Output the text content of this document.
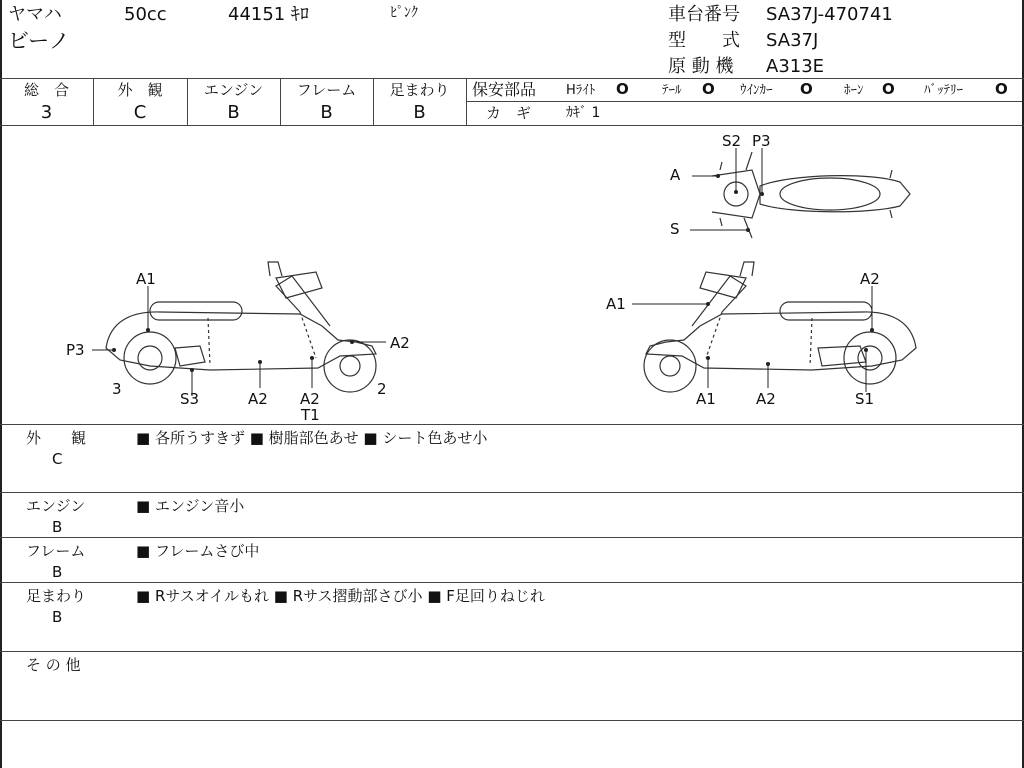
ヤマハ	50cc	44151 ｷﾛ	ﾋﾟﾝｸ
ビーノ
車台番号 SA37J-470741
型　　式 SA37J
原 動 機 A313E
総　合
3
外　観
C
エンジン
B
フレーム
B
足まわり
B
保安部品 Hﾗｲﾄ O	ﾃｰﾙ O ｳｲﾝｶｰ O ﾎｰﾝ O ﾊﾞｯﾃﾘｰ O
カ　ギ ｶｷﾞ 1
A1
P3
3
S3	A2 A2
T1
A2
2
S2 P3
A
S
A1
A2
A1	A2	S1
外　　観
C
■ 各所うすきず ■ 樹脂部色あせ ■ シート色あせ小
エンジン
B
■ エンジン音小
フレーム
B
■ フレームさび中
足まわり
B
■ Rサスオイルもれ ■ Rサス摺動部さび小 ■ F足回りねじれ
そ の 他
